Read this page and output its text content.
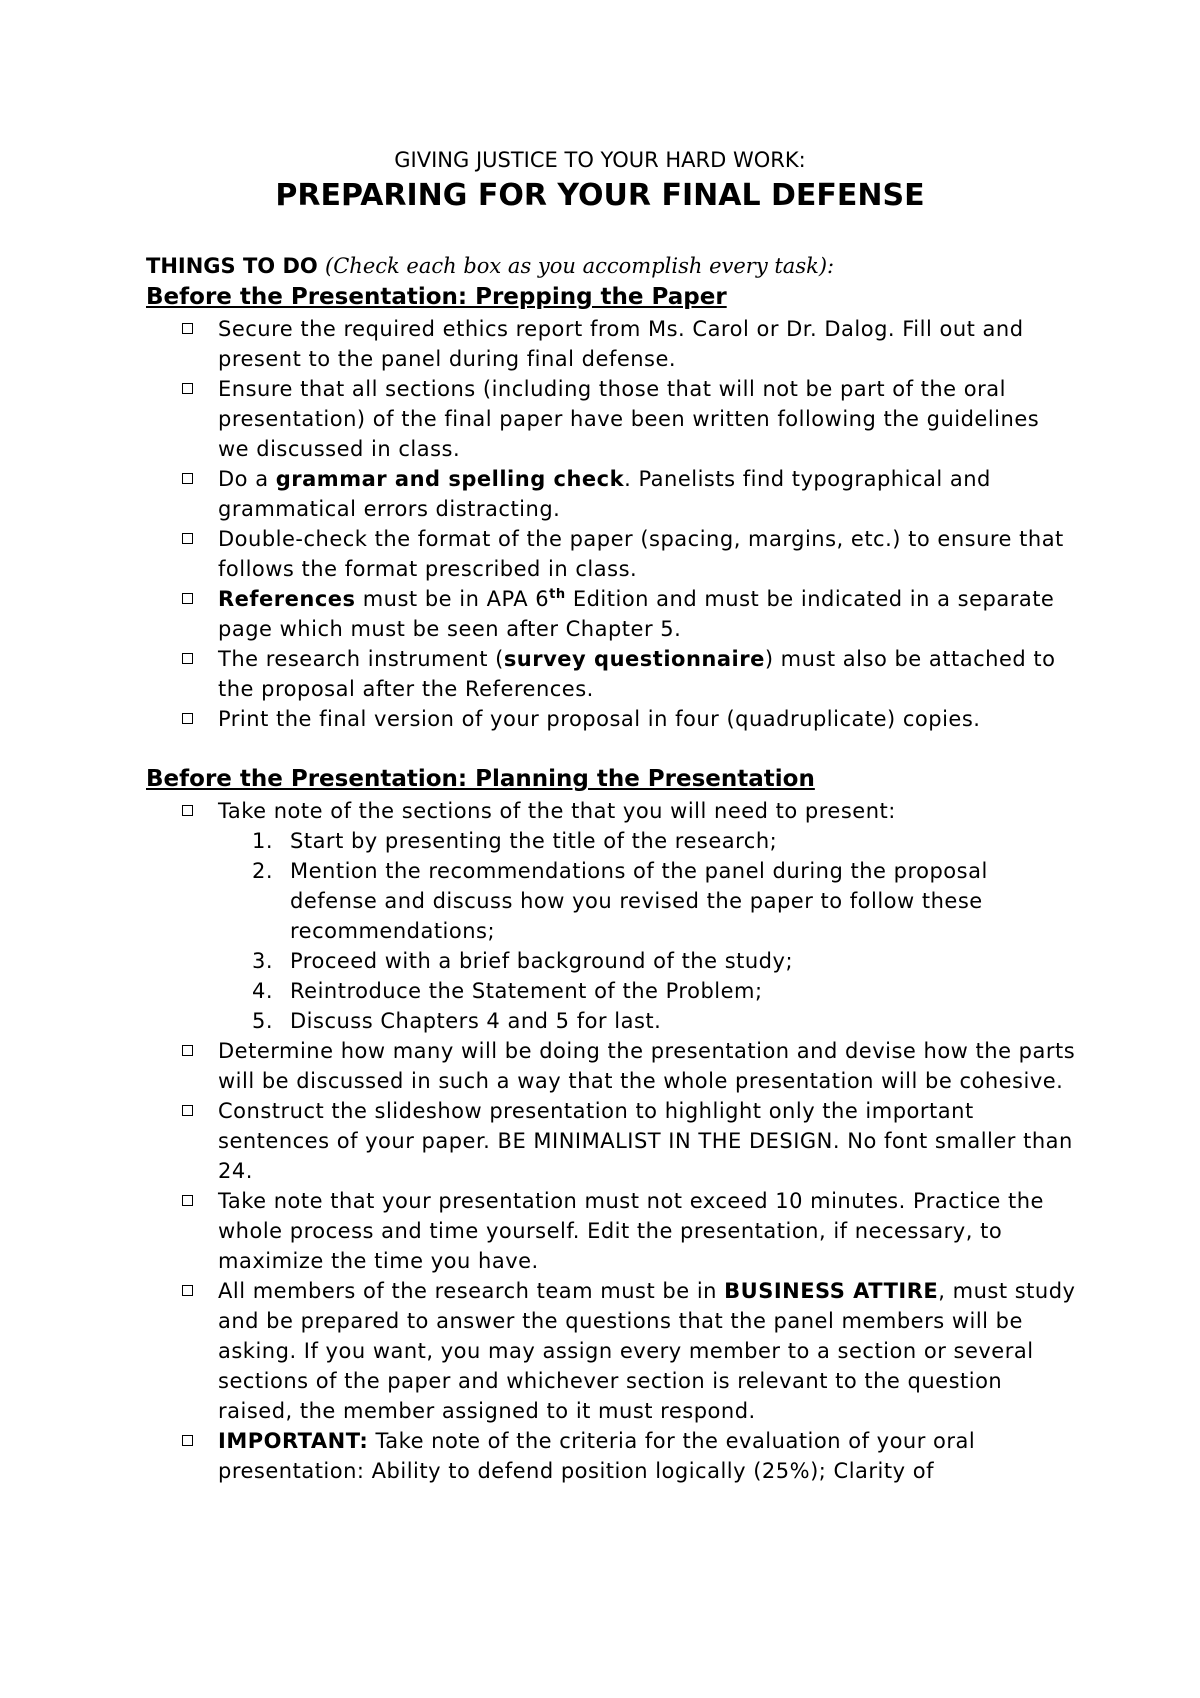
GIVING JUSTICE TO YOUR HARD WORK:
PREPARING FOR YOUR FINAL DEFENSE
THINGS TO DO (Check each box as you accomplish every task):
Before the Presentation: Prepping the Paper
Secure the required ethics report from Ms. Carol or Dr. Dalog. Fill out and present to the panel during final defense.
Ensure that all sections (including those that will not be part of the oral presentation) of the final paper have been written following the guidelines we discussed in class.
Do a grammar and spelling check. Panelists find typographical and grammatical errors distracting.
Double-check the format of the paper (spacing, margins, etc.) to ensure that follows the format prescribed in class.
References must be in APA 6th Edition and must be indicated in a separate page which must be seen after Chapter 5.
The research instrument (survey questionnaire) must also be attached to the proposal after the References.
Print the final version of your proposal in four (quadruplicate) copies.
Before the Presentation: Planning the Presentation
Take note of the sections of the that you will need to present:
1. Start by presenting the title of the research;
2. Mention the recommendations of the panel during the proposal defense and discuss how you revised the paper to follow these recommendations;
3. Proceed with a brief background of the study;
4. Reintroduce the Statement of the Problem;
5. Discuss Chapters 4 and 5 for last.
Determine how many will be doing the presentation and devise how the parts will be discussed in such a way that the whole presentation will be cohesive.
Construct the slideshow presentation to highlight only the important sentences of your paper. BE MINIMALIST IN THE DESIGN. No font smaller than 24.
Take note that your presentation must not exceed 10 minutes. Practice the whole process and time yourself. Edit the presentation, if necessary, to maximize the time you have.
All members of the research team must be in BUSINESS ATTIRE, must study and be prepared to answer the questions that the panel members will be asking. If you want, you may assign every member to a section or several sections of the paper and whichever section is relevant to the question raised, the member assigned to it must respond.
IMPORTANT: Take note of the criteria for the evaluation of your oral presentation: Ability to defend position logically (25%); Clarity of
